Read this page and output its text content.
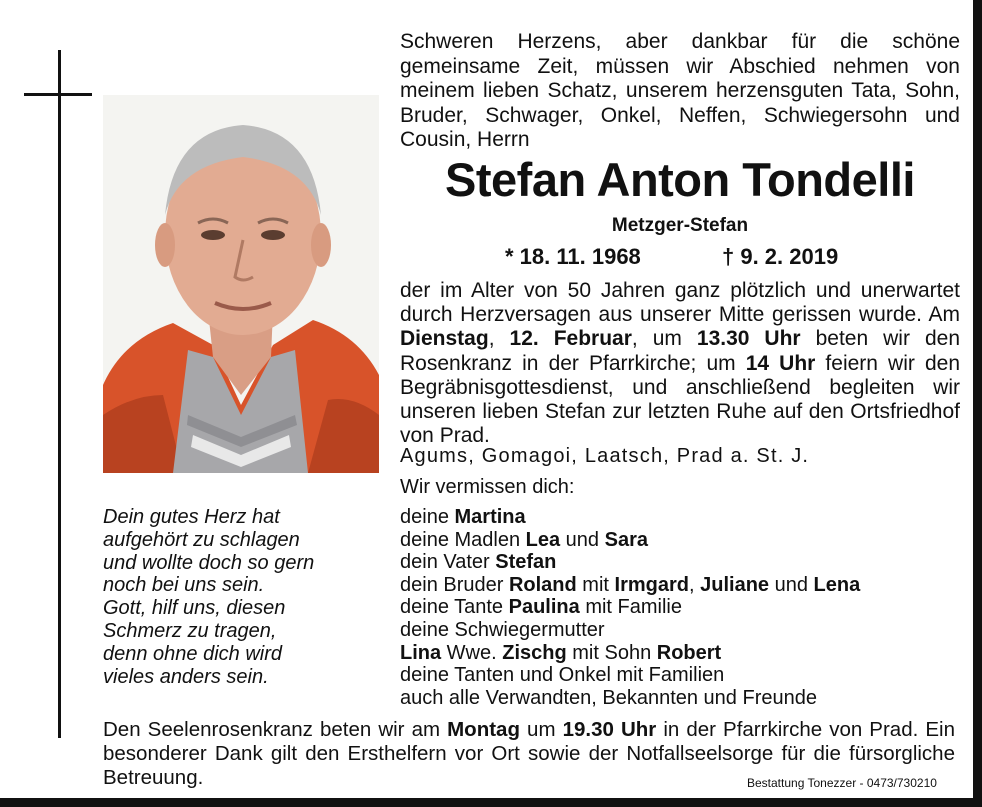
Schweren Herzens, aber dankbar für die schöne gemeinsame Zeit, müssen wir Abschied nehmen von meinem lieben Schatz, unserem herzensguten Tata, Sohn, Bruder, Schwager, Onkel, Neffen, Schwiegersohn und Cousin, Herrn
Stefan Anton Tondelli
Metzger-Stefan
* 18. 11. 1968	† 9. 2. 2019
der im Alter von 50 Jahren ganz plötzlich und unerwartet durch Herzversagen aus unserer Mitte gerissen wurde. Am Dienstag, 12. Februar, um 13.30 Uhr beten wir den Rosenkranz in der Pfarrkirche; um 14 Uhr feiern wir den Begräbnisgottesdienst, und anschließend begleiten wir unseren lieben Stefan zur letzten Ruhe auf den Ortsfriedhof von Prad.
Agums, Gomagoi, Laatsch, Prad a. St. J.
Wir vermissen dich:
deine Martina
deine Madlen Lea und Sara
dein Vater Stefan
dein Bruder Roland mit Irmgard, Juliane und Lena
deine Tante Paulina mit Familie
deine Schwiegermutter
Lina Wwe. Zischg mit Sohn Robert
deine Tanten und Onkel mit Familien
auch alle Verwandten, Bekannten und Freunde
Dein gutes Herz hat
aufgehört zu schlagen
und wollte doch so gern
noch bei uns sein.
Gott, hilf uns, diesen
Schmerz zu tragen,
denn ohne dich wird
vieles anders sein.
Den Seelenrosenkranz beten wir am Montag um 19.30 Uhr in der Pfarrkirche von Prad. Ein besonderer Dank gilt den Ersthelfern vor Ort sowie der Notfallseelsorge für die fürsorgliche Betreuung.	Bestattung Tonezzer - 0473/730210
